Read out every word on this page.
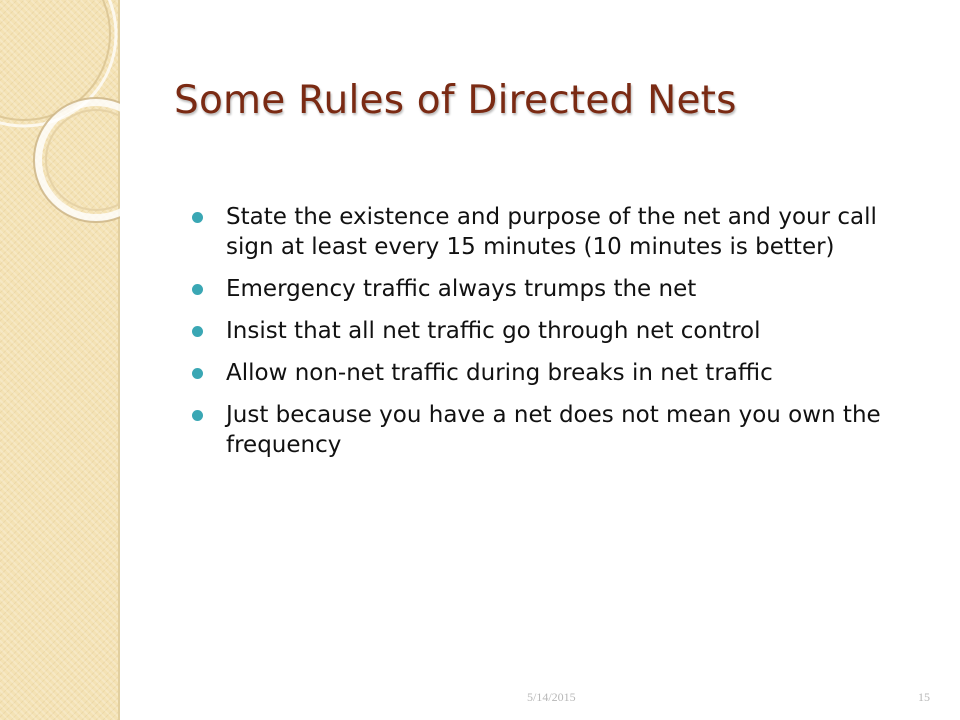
Some Rules of Directed Nets
State the existence and purpose of the net and your call sign at least every 15 minutes (10 minutes is better)
Emergency traffic always trumps the net
Insist that all net traffic go through net control
Allow non-net traffic during breaks in net traffic
Just because you have a net does not mean you own the frequency
5/14/2015	15
